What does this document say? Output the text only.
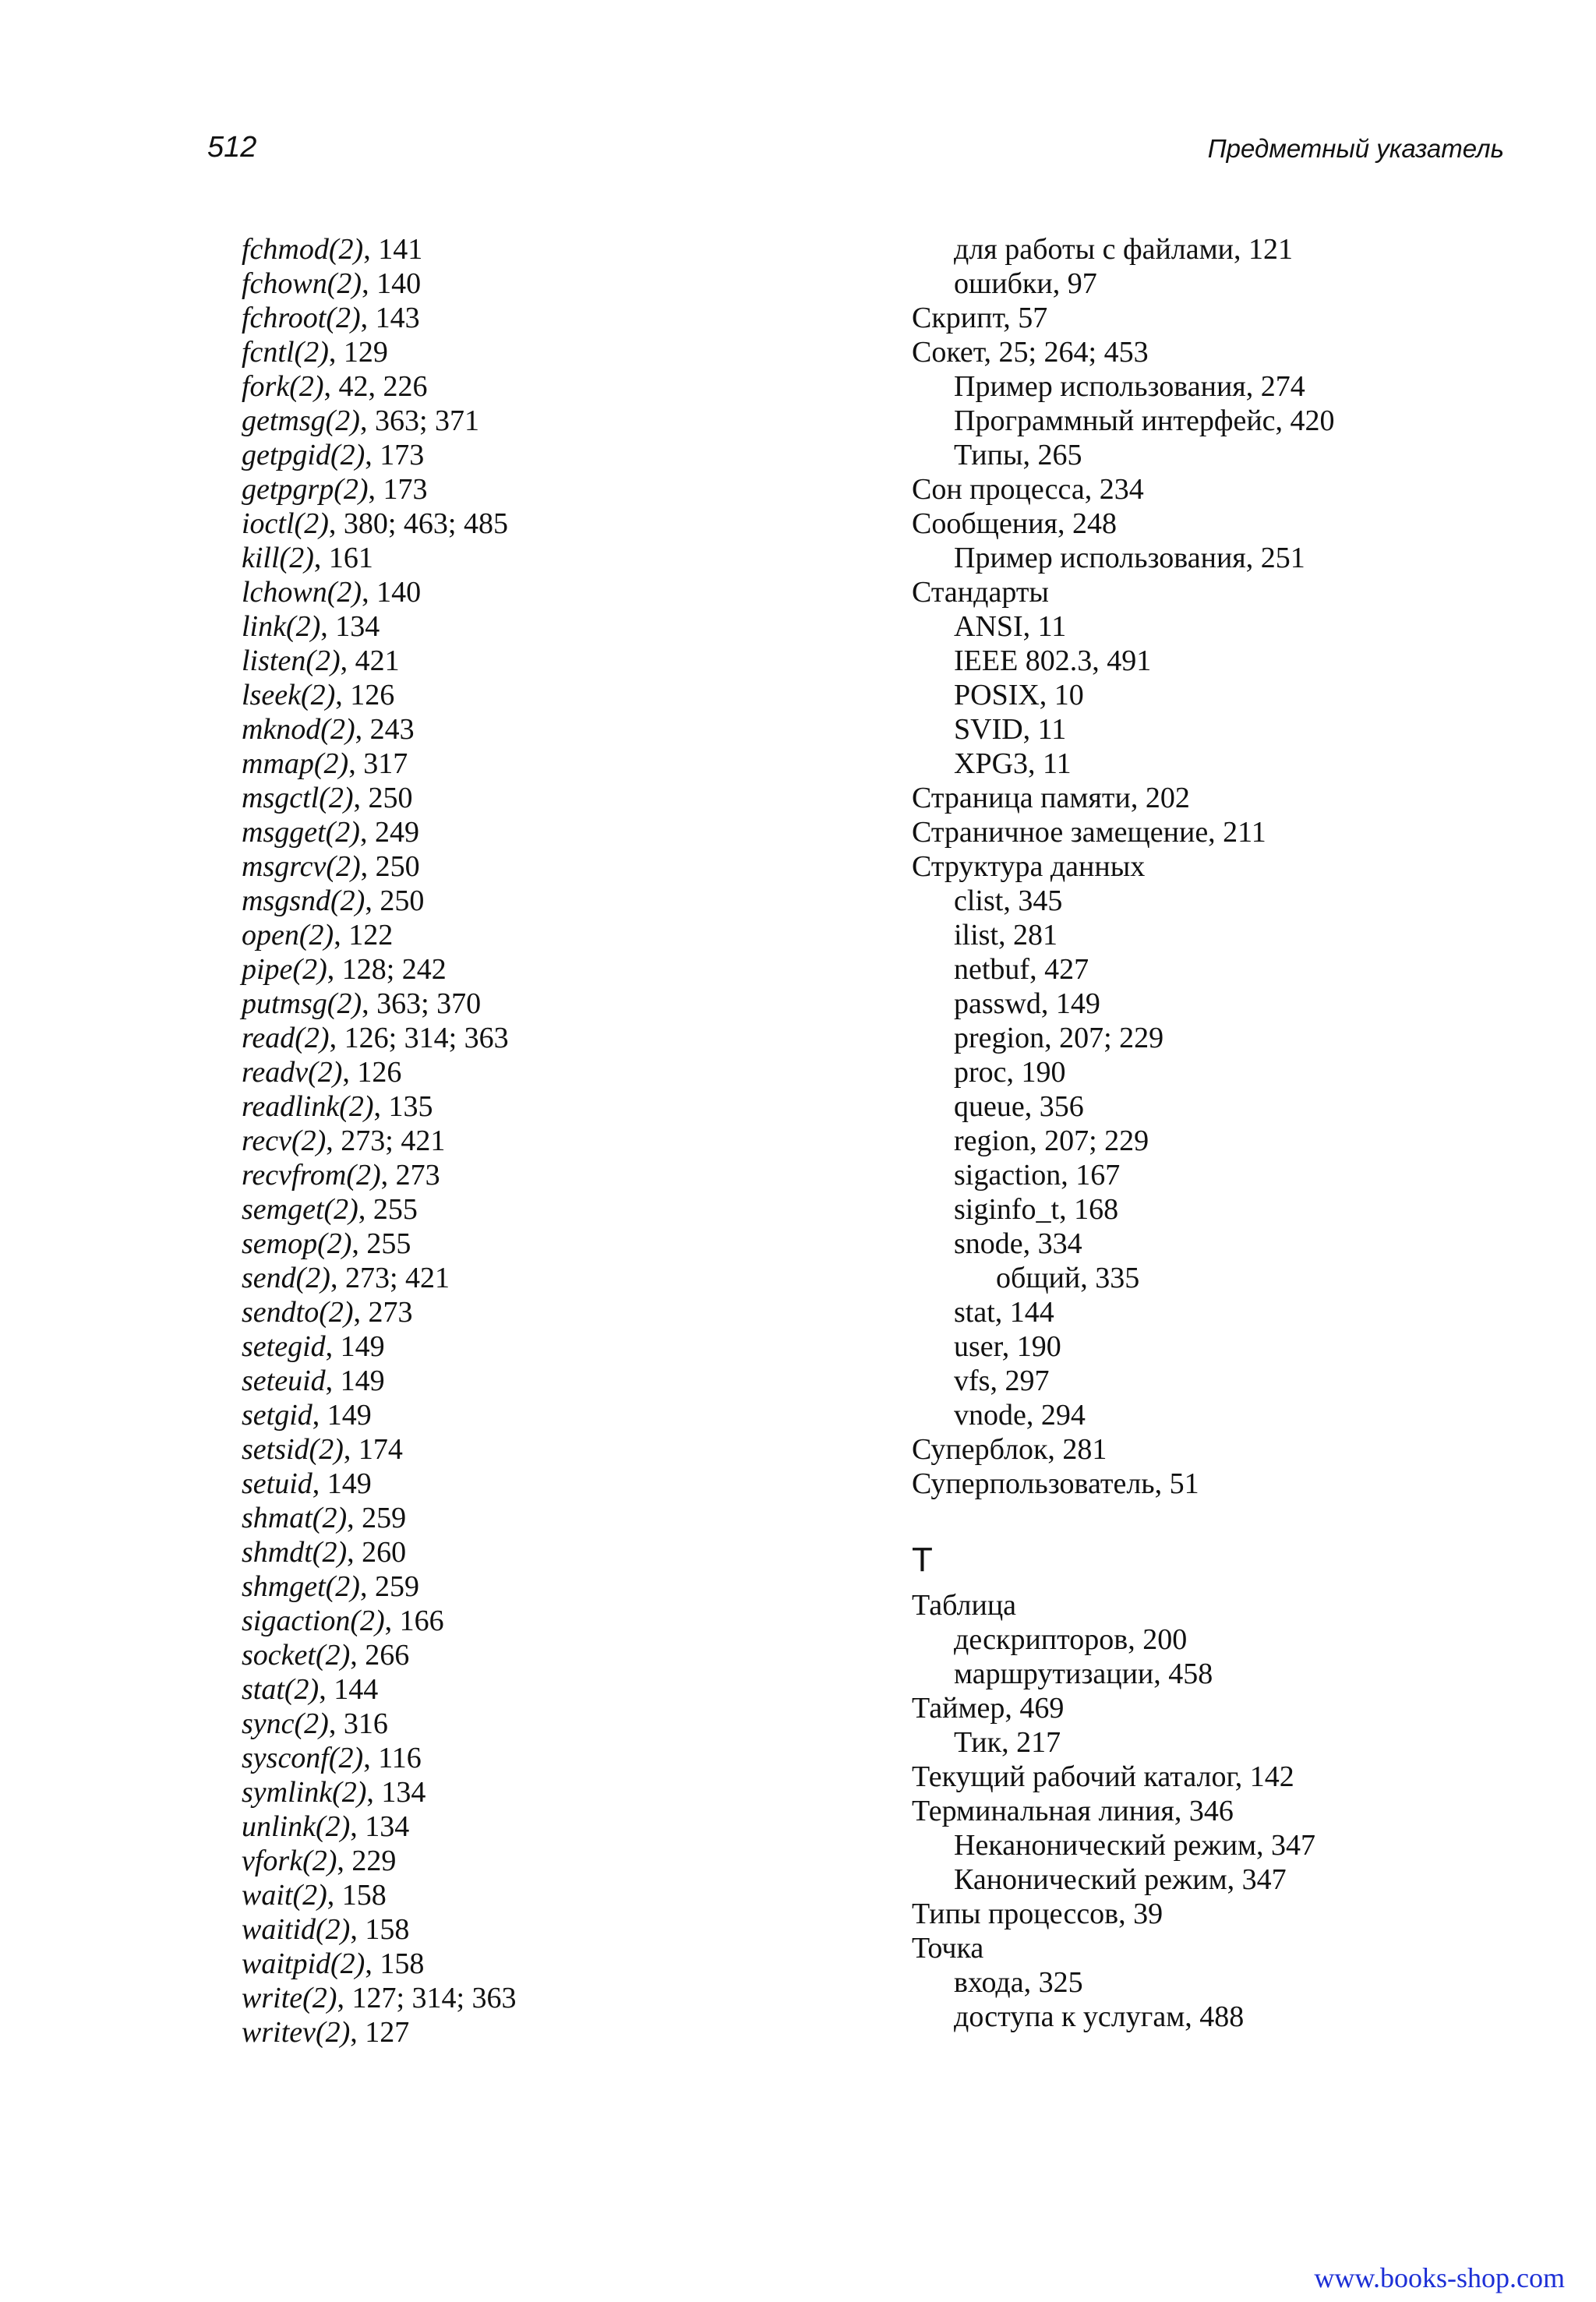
512	Предметный указатель
fchmod(2), 141
fchown(2), 140
fchroot(2), 143
fcntl(2), 129
fork(2), 42, 226
getmsg(2), 363; 371
getpgid(2), 173
getpgrp(2), 173
ioctl(2), 380; 463; 485
kill(2), 161
lchown(2), 140
link(2), 134
listen(2), 421
lseek(2), 126
mknod(2), 243
mmap(2), 317
msgctl(2), 250
msgget(2), 249
msgrcv(2), 250
msgsnd(2), 250
open(2), 122
pipe(2), 128; 242
putmsg(2), 363; 370
read(2), 126; 314; 363
readv(2), 126
readlink(2), 135
recv(2), 273; 421
recvfrom(2), 273
semget(2), 255
semop(2), 255
send(2), 273; 421
sendto(2), 273
setegid, 149
seteuid, 149
setgid, 149
setsid(2), 174
setuid, 149
shmat(2), 259
shmdt(2), 260
shmget(2), 259
sigaction(2), 166
socket(2), 266
stat(2), 144
sync(2), 316
sysconf(2), 116
symlink(2), 134
unlink(2), 134
vfork(2), 229
wait(2), 158
waitid(2), 158
waitpid(2), 158
write(2), 127; 314; 363
writev(2), 127
для работы с файлами, 121
ошибки, 97
Скрипт, 57
Сокет, 25; 264; 453
Пример использования, 274
Программный интерфейс, 420
Типы, 265
Сон процесса, 234
Сообщения, 248
Пример использования, 251
Стандарты
ANSI, 11
IEEE 802.3, 491
POSIX, 10
SVID, 11
XPG3, 11
Страница памяти, 202
Страничное замещение, 211
Структура данных
clist, 345
ilist, 281
netbuf, 427
passwd, 149
pregion, 207; 229
proc, 190
queue, 356
region, 207; 229
sigaction, 167
siginfo_t, 168
snode, 334
общий, 335
stat, 144
user, 190
vfs, 297
vnode, 294
Суперблок, 281
Суперпользователь, 51
Т
Таблица
дескрипторов, 200
маршрутизации, 458
Таймер, 469
Тик, 217
Текущий рабочий каталог, 142
Терминальная линия, 346
Неканонический режим, 347
Канонический режим, 347
Типы процессов, 39
Точка
входа, 325
доступа к услугам, 488
www.books-shop.com
